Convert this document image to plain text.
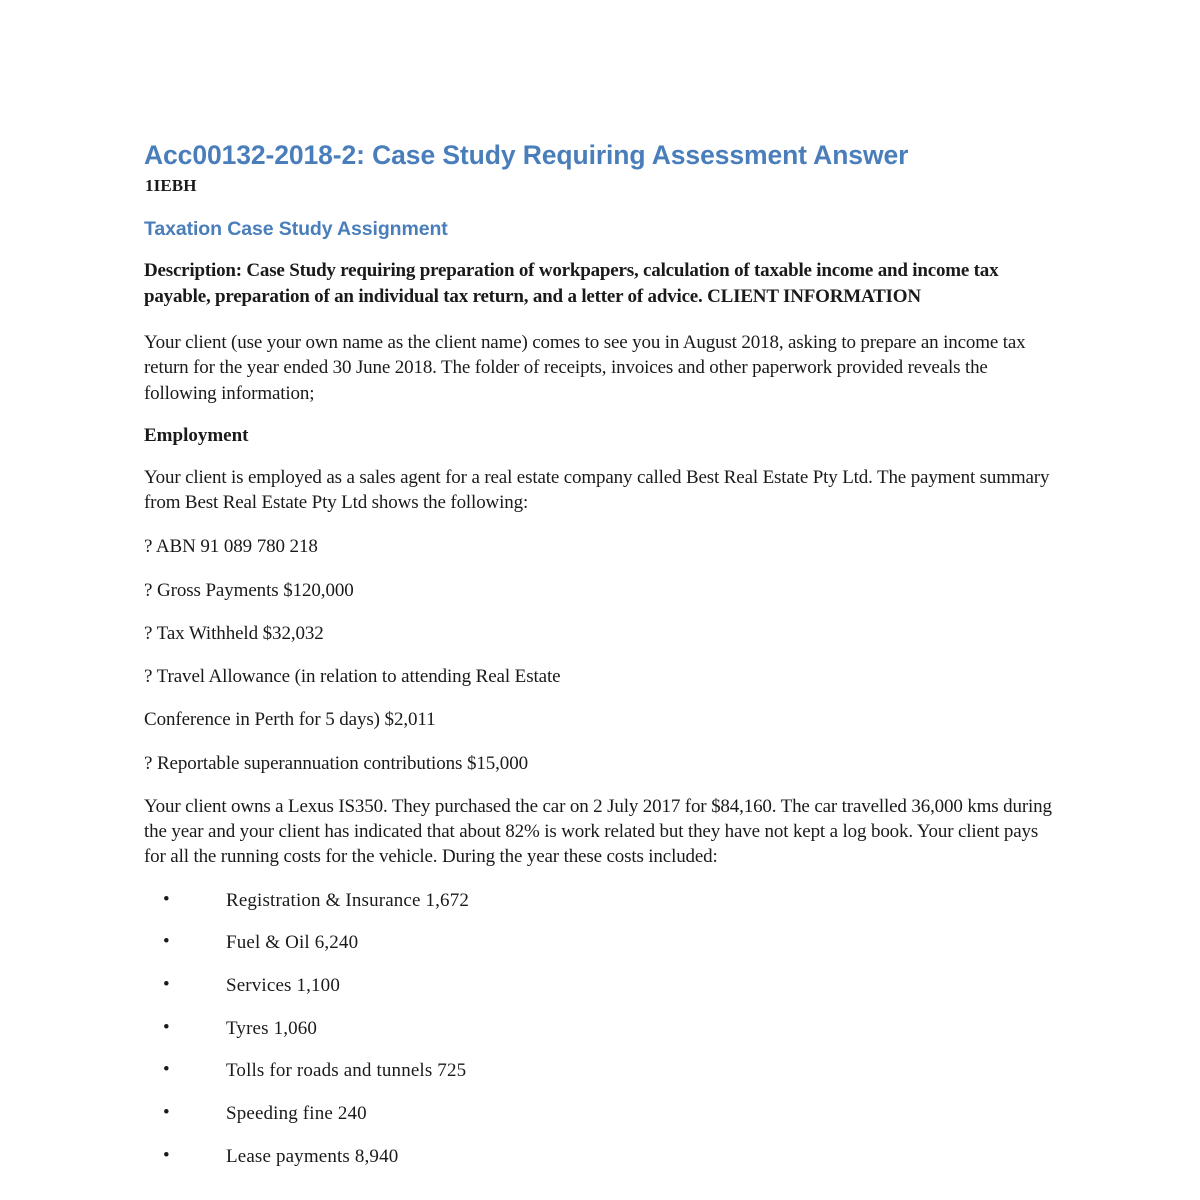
Acc00132-2018-2: Case Study Requiring Assessment Answer
1IEBH
Taxation Case Study Assignment

Description: Case Study requiring preparation of workpapers, calculation of taxable income and income tax payable, preparation of an individual tax return, and a letter of advice. CLIENT INFORMATION

Your client (use your own name as the client name) comes to see you in August 2018, asking to prepare an income tax return for the year ended 30 June 2018. The folder of receipts, invoices and other paperwork provided reveals the following information;

Employment

Your client is employed as a sales agent for a real estate company called Best Real Estate Pty Ltd. The payment summary from Best Real Estate Pty Ltd shows the following:

? ABN 91 089 780 218

? Gross Payments $120,000

? Tax Withheld $32,032

? Travel Allowance (in relation to attending Real Estate

Conference in Perth for 5 days) $2,011

? Reportable superannuation contributions $15,000

Your client owns a Lexus IS350. They purchased the car on 2 July 2017 for $84,160. The car travelled 36,000 kms during the year and your client has indicated that about 82% is work related but they have not kept a log book. Your client pays for all the running costs for the vehicle. During the year these costs included:

•	Registration & Insurance 1,672
•	Fuel & Oil 6,240
•	Services 1,100
•	Tyres 1,060
•	Tolls for roads and tunnels 725
•	Speeding fine 240
•	Lease payments 8,940
